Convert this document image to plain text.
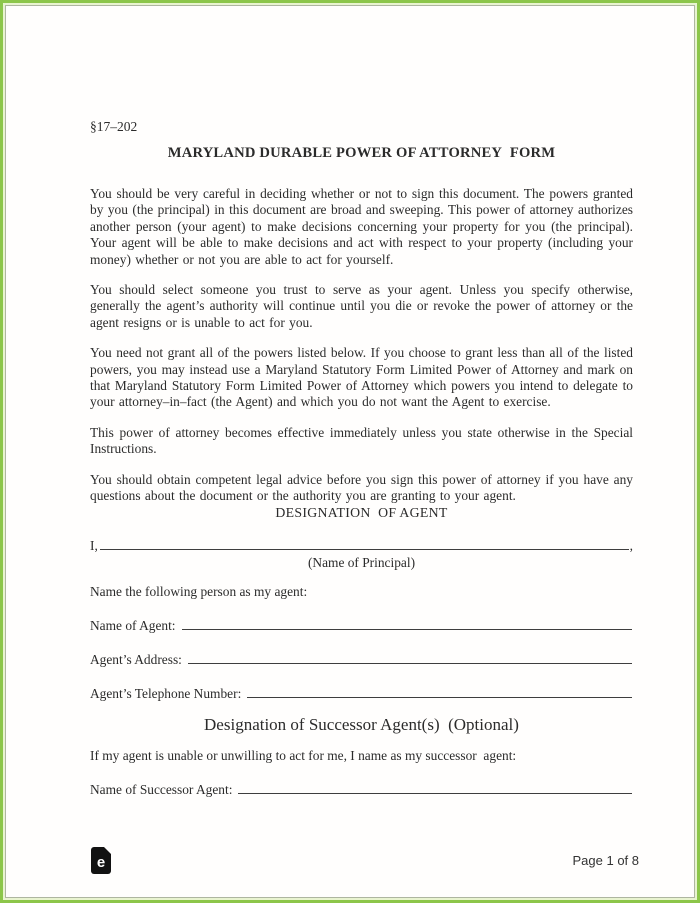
§17–202
MARYLAND DURABLE POWER OF ATTORNEY  FORM

You should be very careful in deciding whether or not to sign this document. The powers granted by you (the principal) in this document are broad and sweeping. This power of attorney authorizes another person (your agent) to make decisions concerning your property for you (the principal). Your agent will be able to make decisions and act with respect to your property (including your money) whether or not you are able to act for yourself.

You should select someone you trust to serve as your agent. Unless you specify otherwise, generally the agent’s authority will continue until you die or revoke the power of attorney or the agent resigns or is unable to act for you.

You need not grant all of the powers listed below. If you choose to grant less than all of the listed powers, you may instead use a Maryland Statutory Form Limited Power of Attorney and mark on that Maryland Statutory Form Limited Power of Attorney which powers you intend to delegate to your attorney–in–fact (the Agent) and which you do not want the Agent to exercise.

This power of attorney becomes effective immediately unless you state otherwise in the Special Instructions.

You should obtain competent legal advice before you sign this power of attorney if you have any questions about the document or the authority you are granting to your agent.

DESIGNATION  OF AGENT
I,	,
(Name of Principal)

Name the following person as my agent:

Name of Agent:
Agent’s Address:
Agent’s Telephone Number:
Designation of Successor Agent(s)  (Optional)

If my agent is unable or unwilling to act for me, I name as my successor  agent:

Name of Successor Agent:
e	Page 1 of 8
